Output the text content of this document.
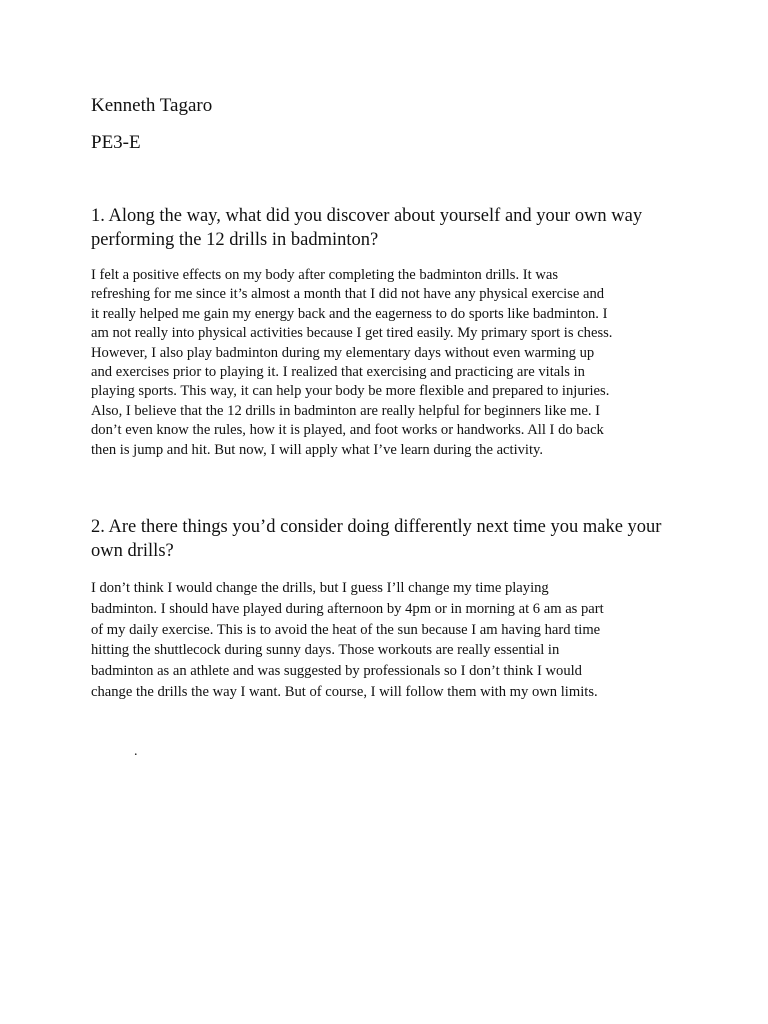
Kenneth Tagaro
PE3-E
1. Along the way, what did you discover about yourself and your own way
performing the 12 drills in badminton?
I felt a positive effects on my body after completing the badminton drills. It was
refreshing for me since it’s almost a month that I did not have any physical exercise and
it really helped me gain my energy back and the eagerness to do sports like badminton. I
am not really into physical activities because I get tired easily. My primary sport is chess.
However, I also play badminton during my elementary days without even warming up
and exercises prior to playing it. I realized that exercising and practicing are vitals in
playing sports. This way, it can help your body be more flexible and prepared to injuries.
Also, I believe that the 12 drills in badminton are really helpful for beginners like me. I
don’t even know the rules, how it is played, and foot works or handworks. All I do back
then is jump and hit. But now, I will apply what I’ve learn during the activity.
2. Are there things you’d consider doing differently next time you make your
own drills?
I don’t think I would change the drills, but I guess I’ll change my time playing
badminton. I should have played during afternoon by 4pm or in morning at 6 am as part
of my daily exercise. This is to avoid the heat of the sun because I am having hard time
hitting the shuttlecock during sunny days. Those workouts are really essential in
badminton as an athlete and was suggested by professionals so I don’t think I would
change the drills the way I want. But of course, I will follow them with my own limits.
.
